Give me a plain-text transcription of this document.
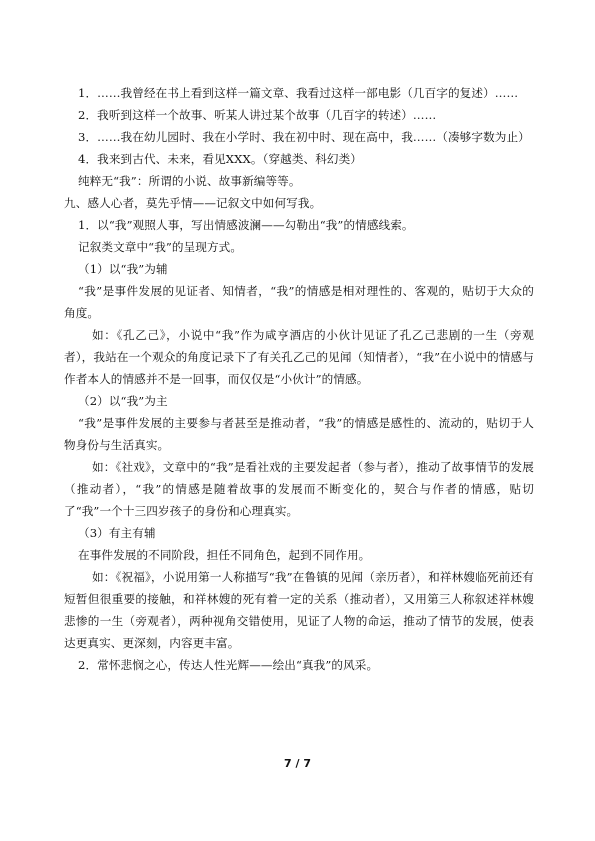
1．……我曾经在书上看到这样一篇文章、我看过这样一部电影（几百字的复述）……

2．我听到这样一个故事、听某人讲过某个故事（几百字的转述）……

3．……我在幼儿园时、我在小学时、我在初中时、现在高中，我……（凑够字数为止）

4．我来到古代、未来，看见XXX。（穿越类、科幻类）

纯粹无“我”：所谓的小说、故事新编等等。

九、感人心者，莫先乎情——记叙文中如何写我。

1．以“我”观照人事，写出情感波澜——勾勒出“我”的情感线索。

记叙类文章中“我”的呈现方式。

（1）以“我”为辅

“我”是事件发展的见证者、知情者，“我”的情感是相对理性的、客观的，贴切于大众的角度。

如：《孔乙己》，小说中“我”作为咸亨酒店的小伙计见证了孔乙己悲剧的一生（旁观者），我站在一个观众的角度记录下了有关孔乙己的见闻（知情者），“我”在小说中的情感与作者本人的情感并不是一回事，而仅仅是“小伙计”的情感。

（2）以“我”为主

“我”是事件发展的主要参与者甚至是推动者，“我”的情感是感性的、流动的，贴切于人物身份与生活真实。

如：《社戏》，文章中的“我”是看社戏的主要发起者（参与者），推动了故事情节的发展（推动者），“我”的情感是随着故事的发展而不断变化的，契合与作者的情感，贴切了“我”一个十三四岁孩子的身份和心理真实。

（3）有主有辅

在事件发展的不同阶段，担任不同角色，起到不同作用。

如：《祝福》，小说用第一人称描写“我”在鲁镇的见闻（亲历者），和祥林嫂临死前还有短暂但很重要的接触，和祥林嫂的死有着一定的关系（推动者），又用第三人称叙述祥林嫂悲惨的一生（旁观者），两种视角交错使用，见证了人物的命运，推动了情节的发展，使表达更真实、更深刻，内容更丰富。

2．常怀悲悯之心，传达人性光辉——绘出“真我”的风采。

7 / 7
